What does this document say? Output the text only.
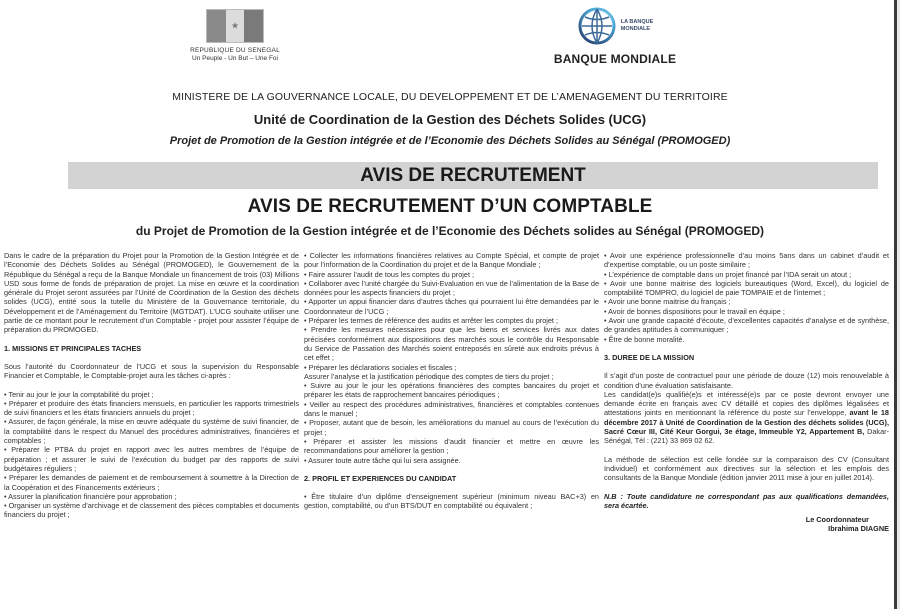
★
REPUBLIQUE DU SENEGAL
Un Peuple - Un But – Une Foi
LA BANQUE
MONDIALE
BANQUE MONDIALE
MINISTERE DE LA GOUVERNANCE LOCALE, DU DEVELOPPEMENT ET DE L’AMENAGEMENT DU TERRITOIRE
Unité de Coordination de la Gestion des Déchets Solides (UCG)
Projet de Promotion de la Gestion intégrée et de l’Economie des Déchets Solides au Sénégal (PROMOGED)
AVIS DE RECRUTEMENT
AVIS DE RECRUTEMENT D’UN COMPTABLE
du Projet de Promotion de la Gestion intégrée et de l’Economie des Déchets solides au Sénégal (PROMOGED)

Dans le cadre de la préparation du Projet pour la Promotion de la Gestion Intégrée et de l’Economie des Déchets Solides au Sénégal (PROMOGED), le Gouvernement de la République du Sénégal a reçu de la Banque Mondiale un financement de trois (03) Millions USD sous forme de fonds de préparation de projet. La mise en œuvre et la coordination générale du Projet seront assurées par l’Unité de Coordination de la Gestion des déchets solides (UCG), entité sous la tutelle du Ministère de la Gouvernance territoriale, du Développement et de l’Aménagement du Territoire (MGTDAT). L’UCG souhaite utiliser une partie de ce montant pour le recrutement d’un Comptable - projet pour assister l’équipe de préparation du PROMOGED.

1. MISSIONS ET PRINCIPALES TACHES

Sous l’autorité du Coordonnateur de l’UCG et sous la supervision du Responsable Financier et Comptable, le Comptable-projet aura les tâches ci-après :

• Tenir au jour le jour la comptabilité du projet ;

• Préparer et produire des états financiers mensuels, en particulier les rapports trimestriels de suivi financiers et les états financiers annuels du projet ;

• Assurer, de façon générale, la mise en œuvre adéquate du système de suivi financier, de la comptabilité dans le respect du Manuel des procédures administratives, financières et comptables ;

• Préparer le PTBA du projet en rapport avec les autres membres de l’équipe de préparation ; et assurer le suivi de l’exécution du budget par des rapports de suivi budgétaires réguliers ;

• Préparer les demandes de paiement et de remboursement à soumettre à la Direction de la Coopération et des Financements extérieurs ;

• Assurer la planification financière pour approbation ;

• Organiser un système d’archivage et de classement des pièces comptables et documents financiers du projet ;

• Collecter les informations financières relatives au Compte Spécial, et compte de projet pour l’information de la Coordination du projet et de la Banque Mondiale ;

• Faire assurer l’audit de tous les comptes du projet ;

• Collaborer avec l’unité chargée du Suivi-Evaluation en vue de l’alimentation de la Base de données pour les aspects financiers du projet ;

• Apporter un appui financier dans d’autres tâches qui pourraient lui être demandées par le Coordonnateur de l’UCG ;

• Préparer les termes de référence des audits et arrêter les comptes du projet ;

• Prendre les mesures nécessaires pour que les biens et services livrés aux dates précisées conformément aux dispositions des marchés sous le contrôle du Responsable du Service de Passation des Marchés soient entreposés en sûreté aux endroits prévus à cet effet ;

• Préparer les déclarations sociales et fiscales ;

Assurer l’analyse et la justification périodique des comptes de tiers du projet ;

• Suivre au jour le jour les opérations financières des comptes bancaires du projet et préparer les états de rapprochement bancaires périodiques ;

• Veiller au respect des procédures administratives, financières et comptables contenues dans le manuel ;

• Proposer, autant que de besoin, les améliorations du manuel au cours de l’exécution du projet ;

• Préparer et assister les missions d’audit financier et mettre en œuvre les recommandations pour améliorer la gestion ;

• Assurer toute autre tâche qui lui sera assignée.

2. PROFIL ET EXPERIENCES DU CANDIDAT

• Être titulaire d’un diplôme d’enseignement supérieur (minimum niveau BAC+3) en gestion, comptabilité, ou d’un BTS/DUT en comptabilité ou équivalent ;

• Avoir une expérience professionnelle d’au moins 5ans dans un cabinet d’audit et d’expertise comptable, ou un poste similaire ;

• L’expérience de comptable dans un projet financé par l’IDA serait un atout ;

• Avoir une bonne maitrise des logiciels bureautiques (Word, Excel), du logiciel de comptabilité TOMPRO, du logiciel de paie TOMPAIE et de l’internet ;

• Avoir une bonne maitrise du français ;

• Avoir de bonnes dispositions pour le travail en équipe ;

• Avoir une grande capacité d’écoute, d’excellentes capacités d’analyse et de synthèse, de grandes aptitudes à communiquer ;

• Être de bonne moralité.

3. DUREE DE LA MISSION

Il s’agit d’un poste de contractuel pour une période de douze (12) mois renouvelable à condition d’une évaluation satisfaisante.

Les candidat(e)s qualifié(e)s et intéressé(e)s par ce poste devront envoyer une demande écrite en français avec CV détaillé et copies des diplômes légalisées et attestations joints en mentionnant la référence du poste sur l’enveloppe, avant le 18 décembre 2017 à Unité de Coordination de la Gestion des déchets solides (UCG), Sacré Cœur III, Cité Keur Gorgui, 3e étage, Immeuble Y2, Appartement B, Dakar- Sénégal, Tél : (221) 33 869 02 62.

La méthode de sélection est celle fondée sur la comparaison des CV (Consultant Individuel) et conformément aux directives sur la sélection et les emplois des consultants de la Banque Mondiale (édition janvier 2011 mise à jour en juillet 2014).

N.B : Toute candidature ne correspondant pas aux qualifications demandées, sera écartée.

Le Coordonnateur

Ibrahima DIAGNE
